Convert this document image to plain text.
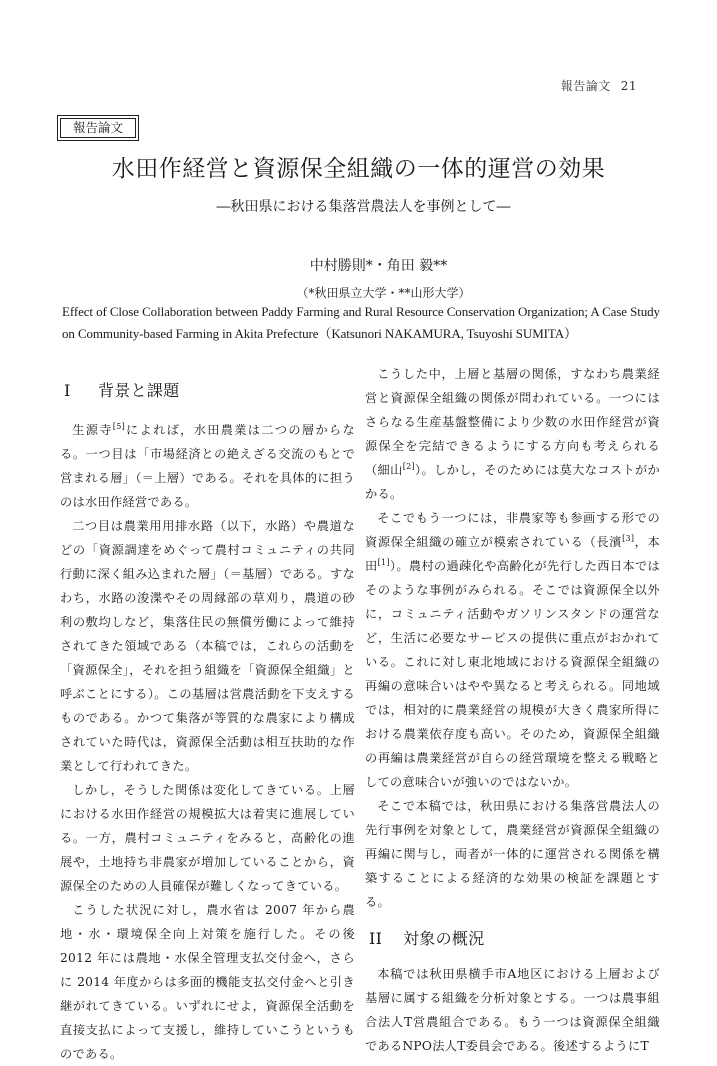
報告論文 21
報告論文
水田作経営と資源保全組織の一体的運営の効果
―秋田県における集落営農法人を事例として―
中村勝則*・角田 毅**
（*秋田県立大学・**山形大学）
Effect of Close Collaboration between Paddy Farming and Rural Resource Conservation Organization; A Case Study on Community-based Farming in Akita Prefecture（Katsunori NAKAMURA, Tsuyoshi SUMITA）
I 背景と課題

生源寺[5]によれば，水田農業は二つの層からなる。一つ目は「市場経済との絶えざる交流のもとで営まれる層」（＝上層）である。それを具体的に担うのは水田作経営である。

二つ目は農業用用排水路（以下，水路）や農道などの「資源調達をめぐって農村コミュニティの共同行動に深く組み込まれた層」（＝基層）である。すなわち，水路の浚渫やその周縁部の草刈り，農道の砂利の敷均しなど，集落住民の無償労働によって維持されてきた領域である（本稿では，これらの活動を「資源保全」，それを担う組織を「資源保全組織」と呼ぶことにする）。この基層は営農活動を下支えするものである。かつて集落が等質的な農家により構成されていた時代は，資源保全活動は相互扶助的な作業として行われてきた。

しかし，そうした関係は変化してきている。上層における水田作経営の規模拡大は着実に進展している。一方，農村コミュニティをみると，高齢化の進展や，土地持ち非農家が増加していることから，資源保全のための人員確保が難しくなってきている。

こうした状況に対し，農水省は 2007 年から農地・水・環境保全向上対策を施行した。その後 2012 年には農地・水保全管理支払交付金へ，さらに 2014 年度からは多面的機能支払交付金へと引き継がれてきている。いずれにせよ，資源保全活動を直接支払によって支援し，維持していこうというものである。

こうした中，上層と基層の関係，すなわち農業経営と資源保全組織の関係が問われている。一つにはさらなる生産基盤整備により少数の水田作経営が資源保全を完結できるようにする方向も考えられる（細山[2]）。しかし，そのためには莫大なコストがかかる。

そこでもう一つには，非農家等も参画する形での資源保全組織の確立が模索されている（長濱[3]，本田[1]）。農村の過疎化や高齢化が先行した西日本ではそのような事例がみられる。そこでは資源保全以外に，コミュニティ活動やガソリンスタンドの運営など，生活に必要なサービスの提供に重点がおかれている。これに対し東北地域における資源保全組織の再編の意味合いはやや異なると考えられる。同地域では，相対的に農業経営の規模が大きく農家所得における農業依存度も高い。そのため，資源保全組織の再編は農業経営が自らの経営環境を整える戦略としての意味合いが強いのではないか。

そこで本稿では，秋田県における集落営農法人の先行事例を対象として，農業経営が資源保全組織の再編に関与し，両者が一体的に運営される関係を構築することによる経済的な効果の検証を課題とする。

II 対象の概況

本稿では秋田県横手市A地区における上層および基層に属する組織を分析対象とする。一つは農事組合法人T営農組合である。もう一つは資源保全組織であるNPO法人T委員会である。後述するようにT
